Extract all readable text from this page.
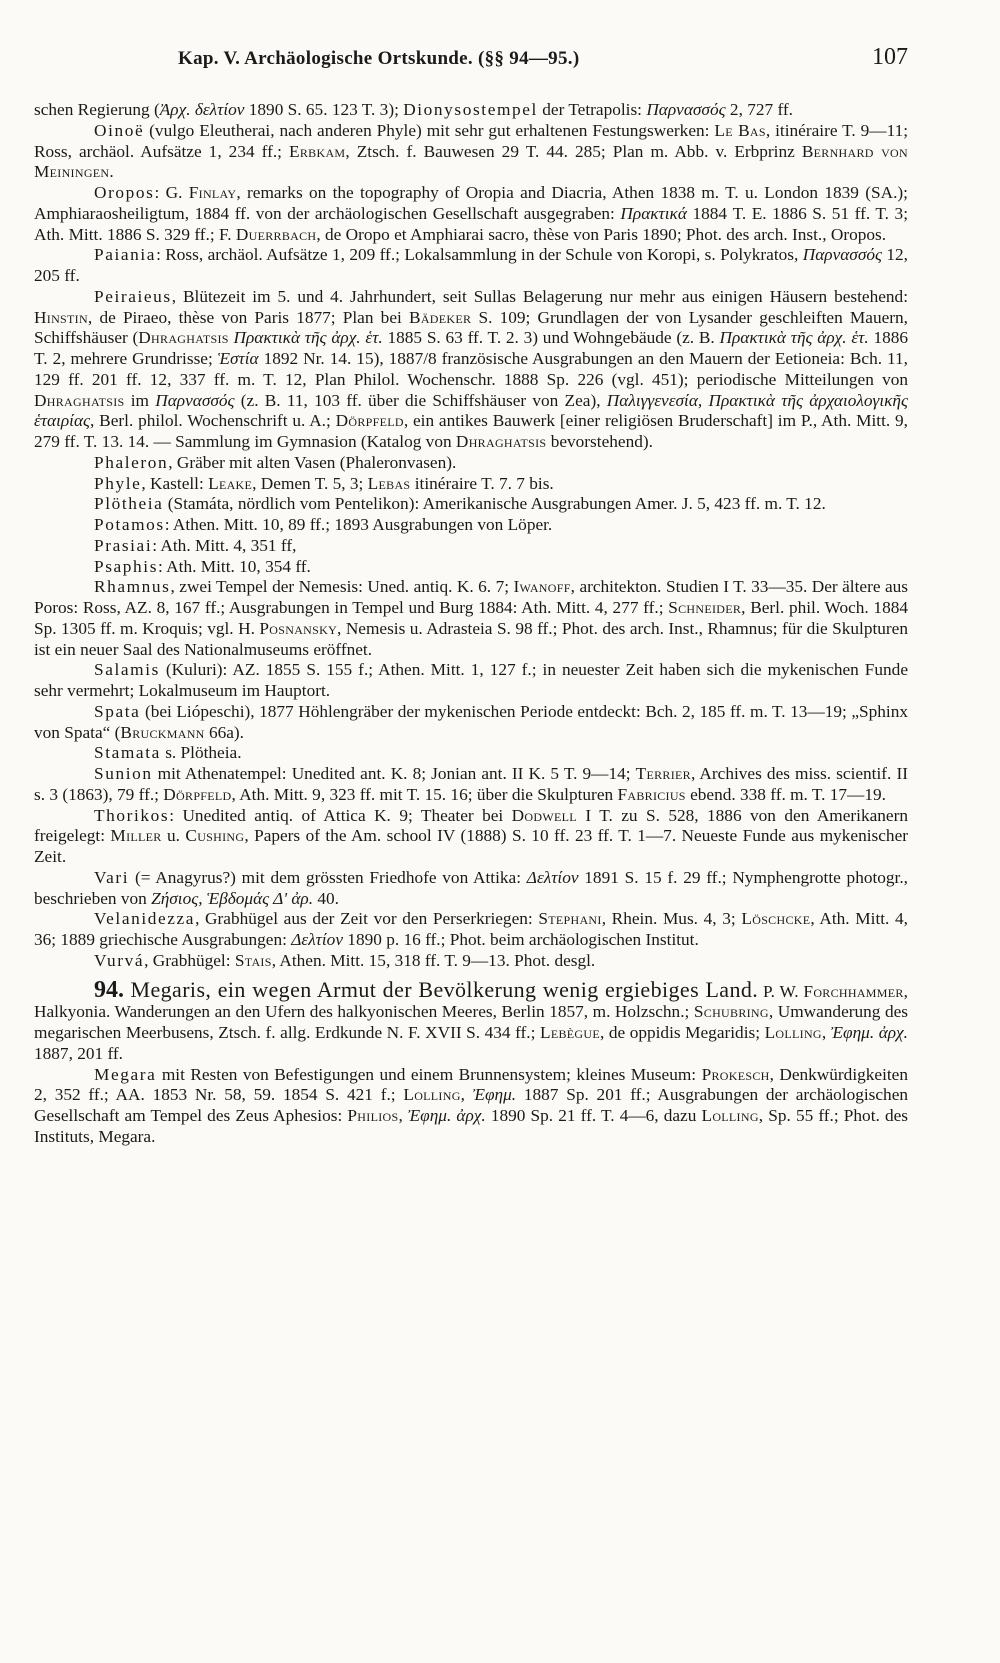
Kap. V. Archäologische Ortskunde. (§§ 94—95.)	107

schen Regierung (Ἀρχ. δελτίον 1890 S. 65. 123 T. 3); Dionysostempel der Tetrapolis: Παρνασσός 2, 727 ff.

Oinoë (vulgo Eleutherai, nach anderen Phyle) mit sehr gut erhaltenen Festungswerken: Le Bas, itinéraire T. 9—11; Ross, archäol. Aufsätze 1, 234 ff.; Erbkam, Ztsch. f. Bauwesen 29 T. 44. 285; Plan m. Abb. v. Erbprinz Bernhard von Meiningen.

Oropos: G. Finlay, remarks on the topography of Oropia and Diacria, Athen 1838 m. T. u. London 1839 (SA.); Amphiaraosheiligtum, 1884 ff. von der archäologischen Gesellschaft ausgegraben: Πρακτικά 1884 T. E. 1886 S. 51 ff. T. 3; Ath. Mitt. 1886 S. 329 ff.; F. Duerrbach, de Oropo et Amphiarai sacro, thèse von Paris 1890; Phot. des arch. Inst., Oropos.

Paiania: Ross, archäol. Aufsätze 1, 209 ff.; Lokalsammlung in der Schule von Koropi, s. Polykratos, Παρνασσός 12, 205 ff.

Peiraieus, Blütezeit im 5. und 4. Jahrhundert, seit Sullas Belagerung nur mehr aus einigen Häusern bestehend: Hinstin, de Piraeo, thèse von Paris 1877; Plan bei Bädeker S. 109; Grundlagen der von Lysander geschleiften Mauern, Schiffshäuser (Dhraghatsis Πρακτικὰ τῆς ἀρχ. ἑτ. 1885 S. 63 ff. T. 2. 3) und Wohngebäude (z. B. Πρακτικὰ τῆς ἀρχ. ἑτ. 1886 T. 2, mehrere Grundrisse; Ἑστία 1892 Nr. 14. 15), 1887/8 französische Ausgrabungen an den Mauern der Eetioneia: Bch. 11, 129 ff. 201 ff. 12, 337 ff. m. T. 12, Plan Philol. Wochenschr. 1888 Sp. 226 (vgl. 451); periodische Mitteilungen von Dhraghatsis im Παρνασσός (z. B. 11, 103 ff. über die Schiffshäuser von Zea), Παλιγγενεσία, Πρακτικὰ τῆς ἀρχαιολογικῆς ἑταιρίας, Berl. philol. Wochenschrift u. A.; Dörpfeld, ein antikes Bauwerk [einer religiösen Bruderschaft] im P., Ath. Mitt. 9, 279 ff. T. 13. 14. — Sammlung im Gymnasion (Katalog von Dhraghatsis bevorstehend).

Phaleron, Gräber mit alten Vasen (Phaleronvasen).

Phyle, Kastell: Leake, Demen T. 5, 3; Lebas itinéraire T. 7. 7 bis.

Plötheia (Stamáta, nördlich vom Pentelikon): Amerikanische Ausgrabungen Amer. J. 5, 423 ff. m. T. 12.

Potamos: Athen. Mitt. 10, 89 ff.; 1893 Ausgrabungen von Löper.

Prasiai: Ath. Mitt. 4, 351 ff,

Psaphis: Ath. Mitt. 10, 354 ff.

Rhamnus, zwei Tempel der Nemesis: Uned. antiq. K. 6. 7; Iwanoff, architekton. Studien I T. 33—35. Der ältere aus Poros: Ross, AZ. 8, 167 ff.; Ausgrabungen in Tempel und Burg 1884: Ath. Mitt. 4, 277 ff.; Schneider, Berl. phil. Woch. 1884 Sp. 1305 ff. m. Kroquis; vgl. H. Posnansky, Nemesis u. Adrasteia S. 98 ff.; Phot. des arch. Inst., Rhamnus; für die Skulpturen ist ein neuer Saal des Nationalmuseums eröffnet.

Salamis (Kuluri): AZ. 1855 S. 155 f.; Athen. Mitt. 1, 127 f.; in neuester Zeit haben sich die mykenischen Funde sehr vermehrt; Lokalmuseum im Hauptort.

Spata (bei Liópeschi), 1877 Höhlengräber der mykenischen Periode entdeckt: Bch. 2, 185 ff. m. T. 13—19; „Sphinx von Spata“ (Bruckmann 66a).

Stamata s. Plötheia.

Sunion mit Athenatempel: Unedited ant. K. 8; Jonian ant. II K. 5 T. 9—14; Terrier, Archives des miss. scientif. II s. 3 (1863), 79 ff.; Dörpfeld, Ath. Mitt. 9, 323 ff. mit T. 15. 16; über die Skulpturen Fabricius ebend. 338 ff. m. T. 17—19.

Thorikos: Unedited antiq. of Attica K. 9; Theater bei Dodwell I T. zu S. 528, 1886 von den Amerikanern freigelegt: Miller u. Cushing, Papers of the Am. school IV (1888) S. 10 ff. 23 ff. T. 1—7. Neueste Funde aus mykenischer Zeit.

Vari (= Anagyrus?) mit dem grössten Friedhofe von Attika: Δελτίον 1891 S. 15 f. 29 ff.; Nymphengrotte photogr., beschrieben von Ζήσιος, Ἑβδομάς Δ' ἀρ. 40.

Velanidezza, Grabhügel aus der Zeit vor den Perserkriegen: Stephani, Rhein. Mus. 4, 3; Löschcke, Ath. Mitt. 4, 36; 1889 griechische Ausgrabungen: Δελτίον 1890 p. 16 ff.; Phot. beim archäologischen Institut.

Vurvá, Grabhügel: Stais, Athen. Mitt. 15, 318 ff. T. 9—13. Phot. desgl.

94. Megaris, ein wegen Armut der Bevölkerung wenig ergiebiges Land. P. W. Forchhammer, Halkyonia. Wanderungen an den Ufern des halkyonischen Meeres, Berlin 1857, m. Holzschn.; Schubring, Umwanderung des megarischen Meerbusens, Ztsch. f. allg. Erdkunde N. F. XVII S. 434 ff.; Lebègue, de oppidis Megaridis; Lolling, Ἐφημ. ἀρχ. 1887, 201 ff.

Megara mit Resten von Befestigungen und einem Brunnensystem; kleines Museum: Prokesch, Denkwürdigkeiten 2, 352 ff.; AA. 1853 Nr. 58, 59. 1854 S. 421 f.; Lolling, Ἐφημ. 1887 Sp. 201 ff.; Ausgrabungen der archäologischen Gesellschaft am Tempel des Zeus Aphesios: Philios, Ἐφημ. ἀρχ. 1890 Sp. 21 ff. T. 4—6, dazu Lolling, Sp. 55 ff.; Phot. des Instituts, Megara.
